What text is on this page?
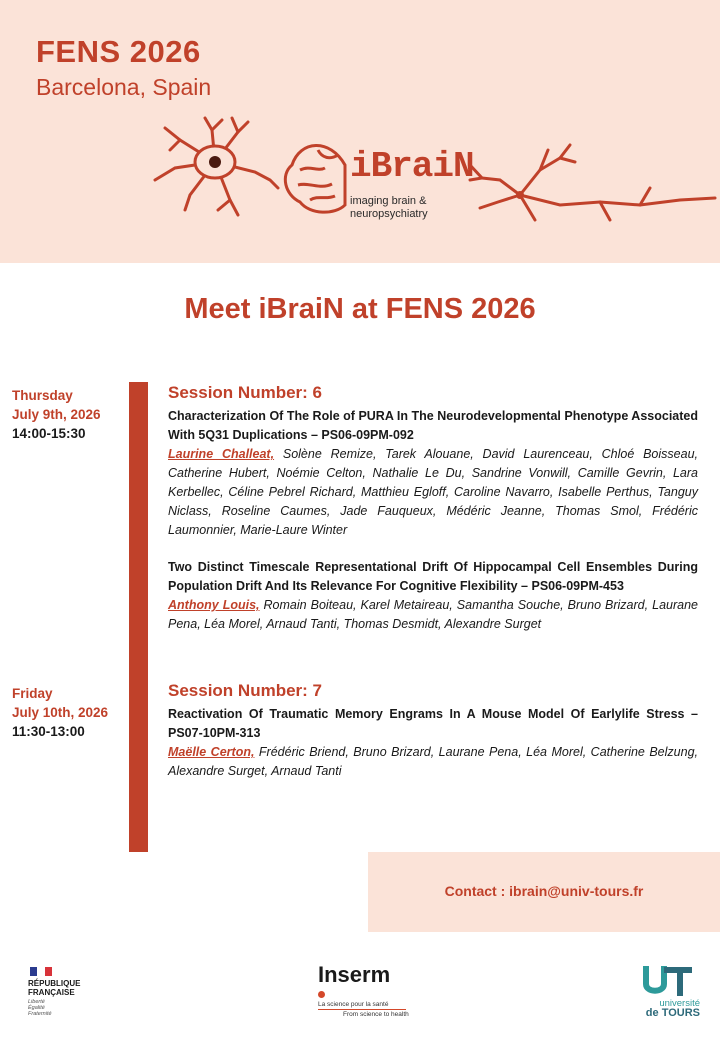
FENS 2026
Barcelona, Spain
iBraiN
imaging brain & neuropsychiatry
Meet iBraiN at FENS 2026
Thursday
July 9th, 2026
14:00-15:30
Friday
July 10th, 2026
11:30-13:00
Session Number: 6
Characterization Of The Role of PURA In The Neurodevelopmental Phenotype Associated With 5Q31 Duplications – PS06-09PM-092
Laurine Challeat, Solène Remize, Tarek Alouane, David Laurenceau, Chloé Boisseau, Catherine Hubert, Noémie Celton, Nathalie Le Du, Sandrine Vonwill, Camille Gevrin, Lara Kerbellec, Céline Pebrel Richard, Matthieu Egloff, Caroline Navarro, Isabelle Perthus, Tanguy Niclass, Roseline Caumes, Jade Fauqueux, Médéric Jeanne, Thomas Smol, Frédéric Laumonnier, Marie-Laure Winter
Two Distinct Timescale Representational Drift Of Hippocampal Cell Ensembles During Population Drift And Its Relevance For Cognitive Flexibility – PS06-09PM-453
Anthony Louis, Romain Boiteau, Karel Metaireau, Samantha Souche, Bruno Brizard, Laurane Pena, Léa Morel, Arnaud Tanti, Thomas Desmidt, Alexandre Surget
Session Number: 7
Reactivation Of Traumatic Memory Engrams In A Mouse Model Of Earlylife Stress – PS07-10PM-313
Maëlle Certon, Frédéric Briend, Bruno Brizard, Laurane Pena, Léa Morel, Catherine Belzung, Alexandre Surget, Arnaud Tanti
Contact : ibrain@univ-tours.fr
RÉPUBLIQUE
FRANÇAISE
Liberté
Égalité
Fraternité
Inserm
La science pour la santé
From science to health
université
de TOURS
